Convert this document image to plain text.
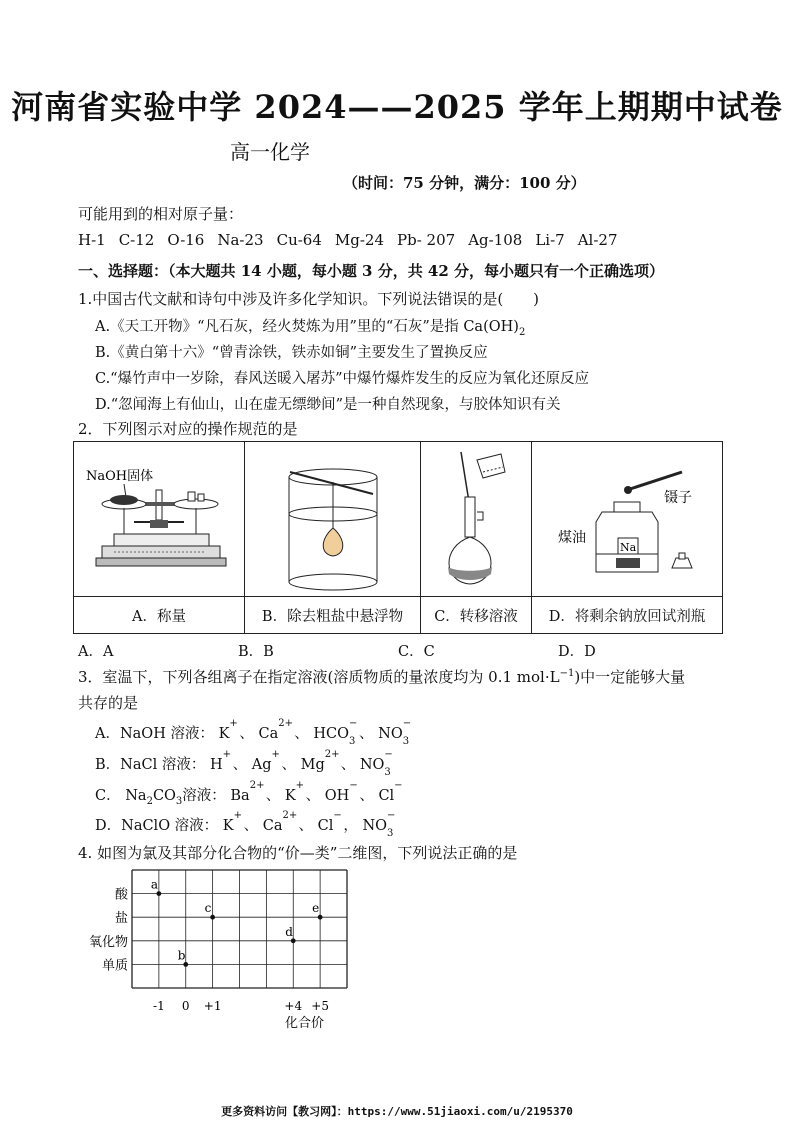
河南省实验中学 2024——2025 学年上期期中试卷
高一化学
（时间：75 分钟，满分：100 分）
可能用到的相对原子量：
H-1 C-12 O-16 Na-23 Cu-64 Mg-24 Pb- 207 Ag-108 Li-7 Al-27
一、选择题：（本大题共 14 小题，每小题 3 分，共 42 分，每小题只有一个正确选项）
1.中国古代文献和诗句中涉及许多化学知识。下列说法错误的是(　　)
A.《天工开物》“凡石灰，经火焚炼为用”里的“石灰”是指 $Ca(OH)_2$
B.《黄白第十六》“曾青涂铁，铁赤如铜”主要发生了置换反应
C.“爆竹声中一岁除，春风送暖入屠苏”中爆竹爆炸发生的反应为氧化还原反应
D.“忽闻海上有仙山，山在虚无缥缈间”是一种自然现象，与胶体知识有关
2．下列图示对应的操作规范的是
NaOH固体			镊子
煤油
Na

A．称量	B．除去粗盐中悬浮物	C．转移溶液	D．将剩余钠放回试剂瓶
A．A	B．B	C．C	D．D
3．室温下，下列各组离子在指定溶液(溶质物质的量浓度均为 0.1 $mol\cdot L^{-1}$)中一定能够大量
共存的是
A．NaOH 溶液： K
+
、 Ca
2+
、 HCO
−
3 、 NO
−
3
B．NaCl 溶液： H
+
、 Ag
+
、 Mg
2+
、 NO
−
3
C． $Na_2CO_3$溶液： Ba
2+
、 K
+
、 OH
−
、 Cl
−
D．NaClO 溶液： K
+
、 Ca
2+
、 Cl
−
， NO
−
3
4. 如图为氯及其部分化合物的“价—类”二维图，下列说法正确的是
单质
氧化物
盐
酸
-1 0 +1	+4 +5
a
b
c
d
e
化合价
更多资料访问【教习网】：https://www.51jiaoxi.com/u/2195370
